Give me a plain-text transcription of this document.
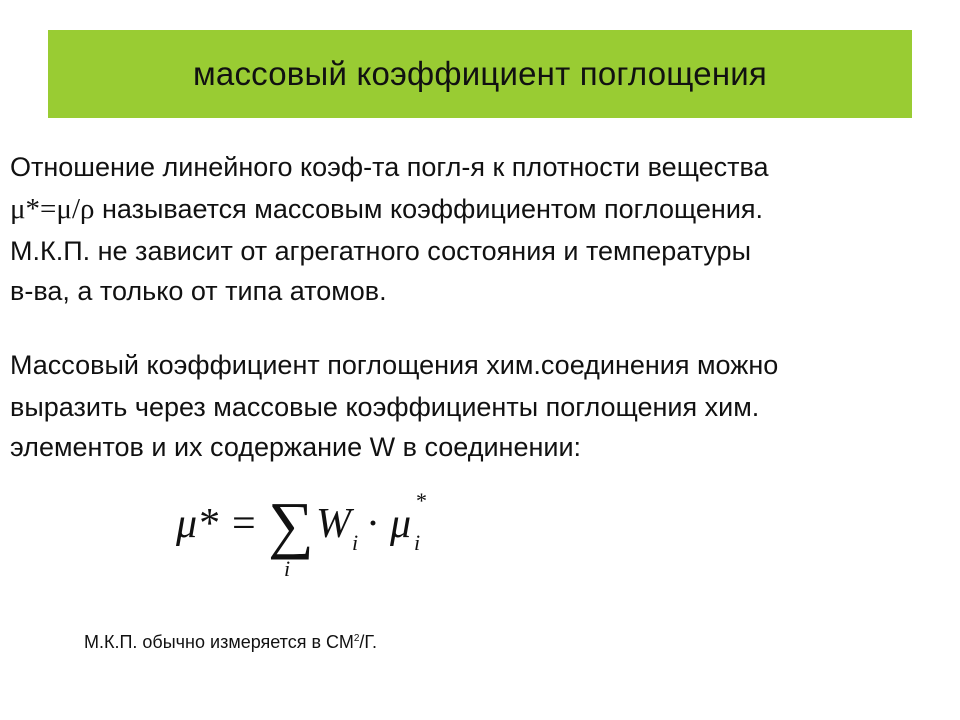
массовый коэффициент поглощения
Отношение линейного коэф-та погл-я к плотности вещества
μ*=μ/ρ называется массовым коэффициентом поглощения.
М.К.П. не зависит от агрегатного состояния и температуры
в-ва, а только от типа атомов.
Массовый коэффициент поглощения хим.соединения можно
выразить через массовые коэффициенты поглощения хим.
элементов и их содержание W в соединении:
μ* = ∑
i
W i · μ i
*
М.К.П. обычно измеряется в $СМ^2/Г$.
